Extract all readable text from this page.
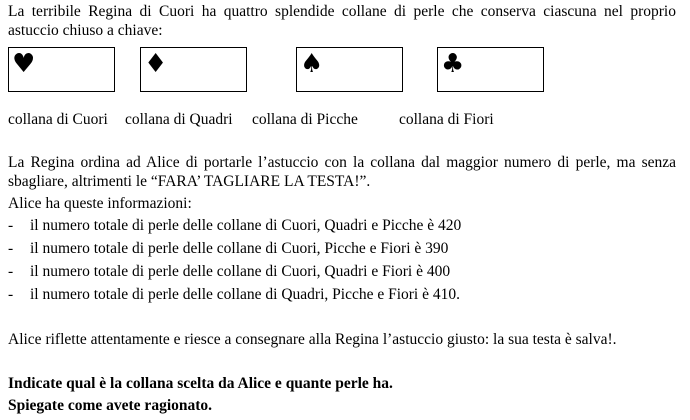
La terribile Regina di Cuori ha quattro splendide collane di perle che conserva ciascuna nel proprio astuccio chiuso a chiave:
♥	♦	♠	♣
collana di Cuori collana di Quadri collana di Picche	collana di Fiori
La Regina ordina ad Alice di portarle l’astuccio con la collana dal maggior numero di perle, ma senza sbagliare, altrimenti le “FARA’ TAGLIARE LA TESTA!”.
Alice ha queste informazioni:
- il numero totale di perle delle collane di Cuori, Quadri e Picche è 420
- il numero totale di perle delle collane di Cuori, Picche e Fiori è 390
- il numero totale di perle delle collane di Cuori, Quadri e Fiori è 400
- il numero totale di perle delle collane di Quadri, Picche e Fiori è 410.
Alice riflette attentamente e riesce a consegnare alla Regina l’astuccio giusto: la sua testa è salva!.
Indicate qual è la collana scelta da Alice e quante perle ha.
Spiegate come avete ragionato.
